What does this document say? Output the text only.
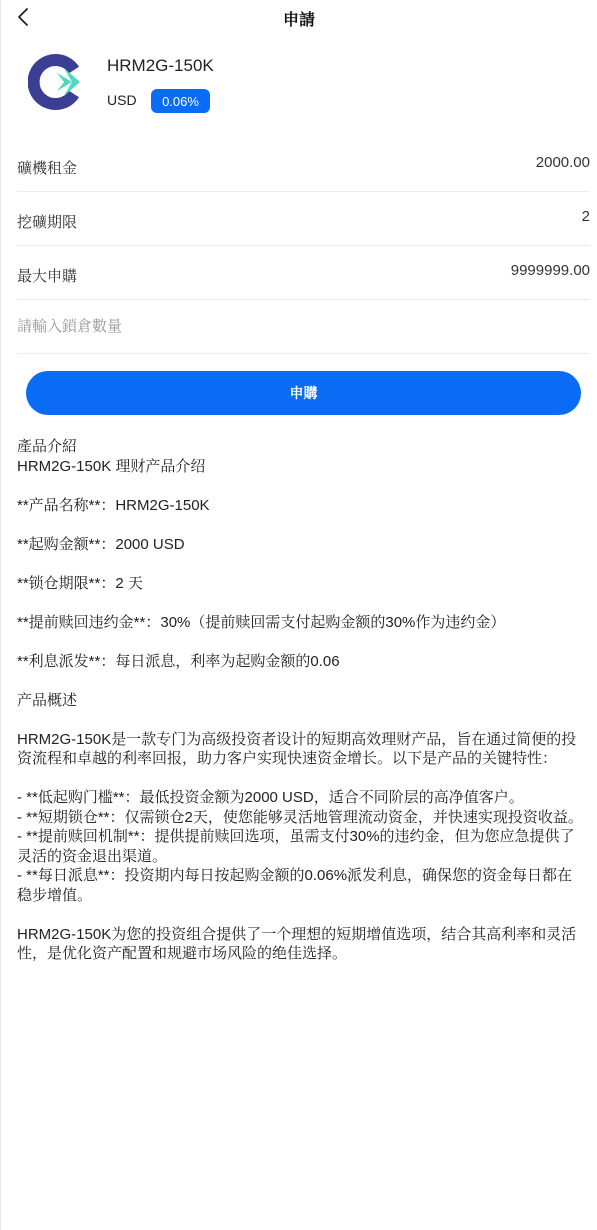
申請
HRM2G-150K
USD	0.06%
礦機租金	2000.00
挖礦期限	2
最大申購	9999999.00
請輸入鎖倉數量
申購

產品介紹

HRM2G-150K 理财产品介绍

**产品名称**：HRM2G-150K

**起购金额**：2000 USD

**锁仓期限**：2 天

**提前赎回违约金**：30%（提前赎回需支付起购金额的30%作为违约金）

**利息派发**：每日派息，利率为起购金额的0.06

产品概述

HRM2G-150K是一款专门为高级投资者设计的短期高效理财产品，旨在通过简便的投资流程和卓越的利率回报，助力客户实现快速资金增长。以下是产品的关键特性：

- **低起购门槛**：最低投资金额为2000 USD，适合不同阶层的高净值客户。

- **短期锁仓**：仅需锁仓2天，使您能够灵活地管理流动资金，并快速实现投资收益。

- **提前赎回机制**：提供提前赎回选项，虽需支付30%的违约金，但为您应急提供了灵活的资金退出渠道。

- **每日派息**：投资期内每日按起购金额的0.06%派发利息，确保您的资金每日都在稳步增值。

HRM2G-150K为您的投资组合提供了一个理想的短期增值选项，结合其高利率和灵活性，是优化资产配置和规避市场风险的绝佳选择。
